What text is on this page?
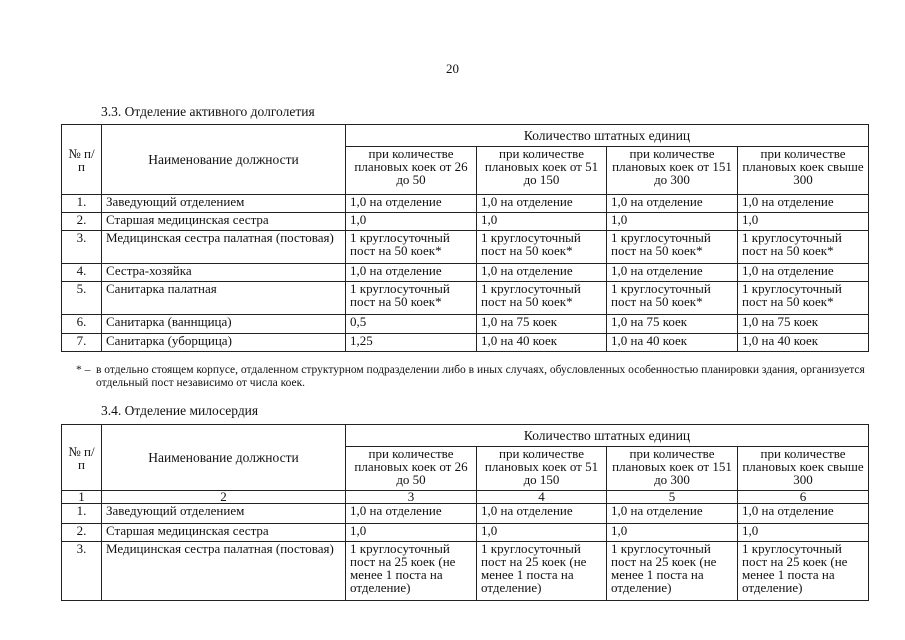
20
3.3. Отделение активного долголетия
№ п/п	Наименование должности	Количество штатных единиц			
		при количестве плановых коек от 26 до 50	при количестве плановых коек от 51 до 150	при количестве плановых коек от 151 до 300	при количестве плановых коек свыше 300
1.	Заведующий отделением	1,0 на отделение	1,0 на отделение	1,0 на отделение	1,0 на отделение
2.	Старшая медицинская сестра	1,0	1,0	1,0	1,0
3.	Медицинская сестра палатная (постовая)	1 круглосуточный пост на 50 коек*	1 круглосуточный пост на 50 коек*	1 круглосуточный пост на 50 коек*	1 круглосуточный пост на 50 коек*
4.	Сестра-хозяйка	1,0 на отделение	1,0 на отделение	1,0 на отделение	1,0 на отделение
5.	Санитарка палатная	1 круглосуточный пост на 50 коек*	1 круглосуточный пост на 50 коек*	1 круглосуточный пост на 50 коек*	1 круглосуточный пост на 50 коек*
6.	Санитарка (ваннщица)	0,5	1,0 на 75 коек	1,0 на 75 коек	1,0 на 75 коек
7.	Санитарка (уборщица)	1,25	1,0 на 40 коек	1,0 на 40 коек	1,0 на 40 коек
* – в отдельно стоящем корпусе, отдаленном структурном подразделении либо в иных случаях, обусловленных особенностью планировки здания, организуется отдельный пост независимо от числа коек.
3.4. Отделение милосердия
№ п/п	Наименование должности	Количество штатных единиц			
		при количестве плановых коек от 26 до 50	при количестве плановых коек от 51 до 150	при количестве плановых коек от 151 до 300	при количестве плановых коек свыше 300
1	2	3	4	5	6
1.	Заведующий отделением	1,0 на отделение	1,0 на отделение	1,0 на отделение	1,0 на отделение
2.	Старшая медицинская сестра	1,0	1,0	1,0	1,0
3.	Медицинская сестра палатная (постовая)	1 круглосуточный пост на 25 коек (не менее 1 поста на отделение)	1 круглосуточный пост на 25 коек (не менее 1 поста на отделение)	1 круглосуточный пост на 25 коек (не менее 1 поста на отделение)	1 круглосуточный пост на 25 коек (не менее 1 поста на отделение)
